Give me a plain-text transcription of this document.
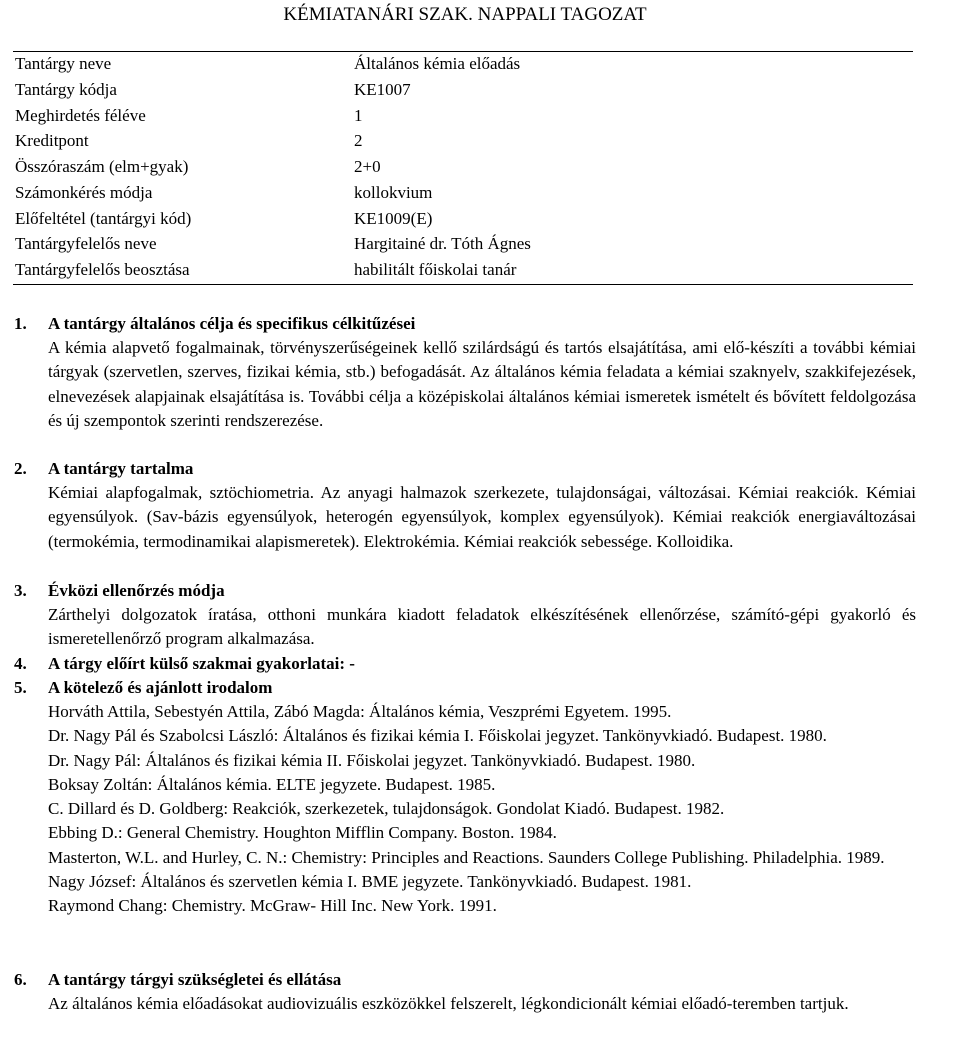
KÉMIATANÁRI SZAK. NAPPALI TAGOZAT
Tantárgy neve	Általános kémia előadás
Tantárgy kódja	KE1007
Meghirdetés féléve	1
Kreditpont	2
Összóraszám (elm+gyak)	2+0
Számonkérés módja	kollokvium
Előfeltétel (tantárgyi kód)	KE1009(E)
Tantárgyfelelős neve	Hargitainé dr. Tóth Ágnes
Tantárgyfelelős beosztása	habilitált főiskolai tanár
1. A tantárgy általános célja és specifikus célkitűzései

A kémia alapvető fogalmainak, törvényszerűségeinek kellő szilárdságú és tartós elsajátítása, ami elő-készíti a további kémiai tárgyak (szervetlen, szerves, fizikai kémia, stb.) befogadását. Az általános kémia feladata a kémiai szaknyelv, szakkifejezések, elnevezések alapjainak elsajátítása is. További célja a középiskolai általános kémiai ismeretek ismételt és bővített feldolgozása és új szempontok szerinti rendszerezése.

2. A tantárgy tartalma

Kémiai alapfogalmak, sztöchiometria. Az anyagi halmazok szerkezete, tulajdonságai, változásai. Kémiai reakciók. Kémiai egyensúlyok. (Sav-bázis egyensúlyok, heterogén egyensúlyok, komplex egyensúlyok). Kémiai reakciók energiaváltozásai (termokémia, termodinamikai alapismeretek). Elektrokémia. Kémiai reakciók sebessége. Kolloidika.

3. Évközi ellenőrzés módja

Zárthelyi dolgozatok íratása, otthoni munkára kiadott feladatok elkészítésének ellenőrzése, számító-gépi gyakorló és ismeretellenőrző program alkalmazása.

4. A tárgy előírt külső szakmai gyakorlatai: -
5. A kötelező és ajánlott irodalom

Horváth Attila, Sebestyén Attila, Zábó Magda: Általános kémia, Veszprémi Egyetem. 1995.

Dr. Nagy Pál és Szabolcsi László: Általános és fizikai kémia I. Főiskolai jegyzet. Tankönyvkiadó. Budapest. 1980.

Dr. Nagy Pál: Általános és fizikai kémia II. Főiskolai jegyzet. Tankönyvkiadó. Budapest. 1980.

Boksay Zoltán: Általános kémia. ELTE jegyzete. Budapest. 1985.

C. Dillard és D. Goldberg: Reakciók, szerkezetek, tulajdonságok. Gondolat Kiadó. Budapest. 1982.

Ebbing D.: General Chemistry. Houghton Mifflin Company. Boston. 1984.

Masterton, W.L. and Hurley, C. N.: Chemistry: Principles and Reactions. Saunders College Publishing. Philadelphia. 1989.

Nagy József: Általános és szervetlen kémia I. BME jegyzete. Tankönyvkiadó. Budapest. 1981.

Raymond Chang: Chemistry. McGraw- Hill Inc. New York. 1991.

6. A tantárgy tárgyi szükségletei és ellátása

Az általános kémia előadásokat audiovizuális eszközökkel felszerelt, légkondicionált kémiai előadó-teremben tartjuk.
